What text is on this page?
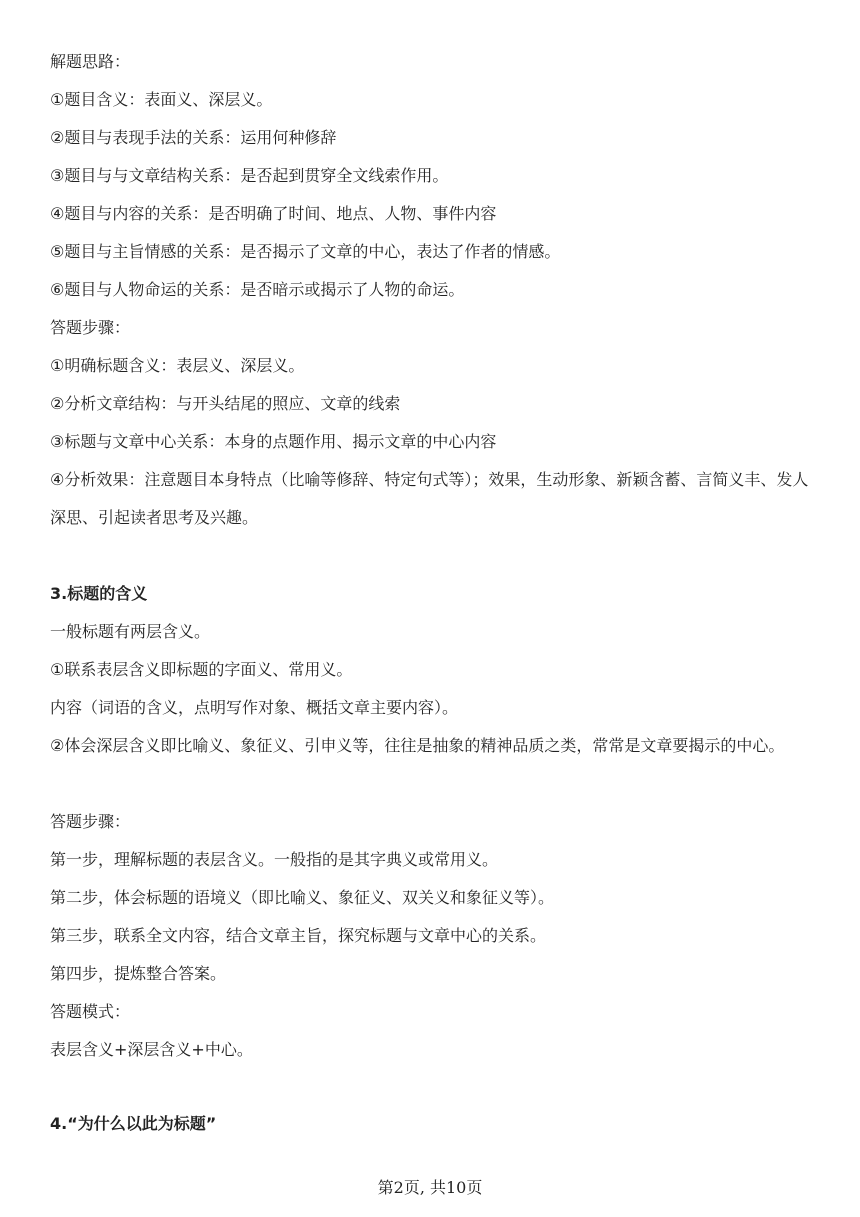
解题思路：
①题目含义：表面义、深层义。
②题目与表现手法的关系：运用何种修辞
③题目与与文章结构关系：是否起到贯穿全文线索作用。
④题目与内容的关系：是否明确了时间、地点、人物、事件内容
⑤题目与主旨情感的关系：是否揭示了文章的中心，表达了作者的情感。
⑥题目与人物命运的关系：是否暗示或揭示了人物的命运。
答题步骤：
①明确标题含义：表层义、深层义。
②分析文章结构：与开头结尾的照应、文章的线索
③标题与文章中心关系：本身的点题作用、揭示文章的中心内容
④分析效果：注意题目本身特点（比喻等修辞、特定句式等）；效果，生动形象、新颖含蓄、言简义丰、发人深思、引起读者思考及兴趣。
3.标题的含义
一般标题有两层含义。
①联系表层含义即标题的字面义、常用义。
内容（词语的含义，点明写作对象、概括文章主要内容）。
②体会深层含义即比喻义、象征义、引申义等，往往是抽象的精神品质之类，常常是文章要揭示的中心。
答题步骤：
第一步，理解标题的表层含义。一般指的是其字典义或常用义。
第二步，体会标题的语境义（即比喻义、象征义、双关义和象征义等）。
第三步，联系全文内容，结合文章主旨，探究标题与文章中心的关系。
第四步，提炼整合答案。
答题模式：
表层含义+深层含义+中心。
4.“为什么以此为标题”
第2页, 共10页
